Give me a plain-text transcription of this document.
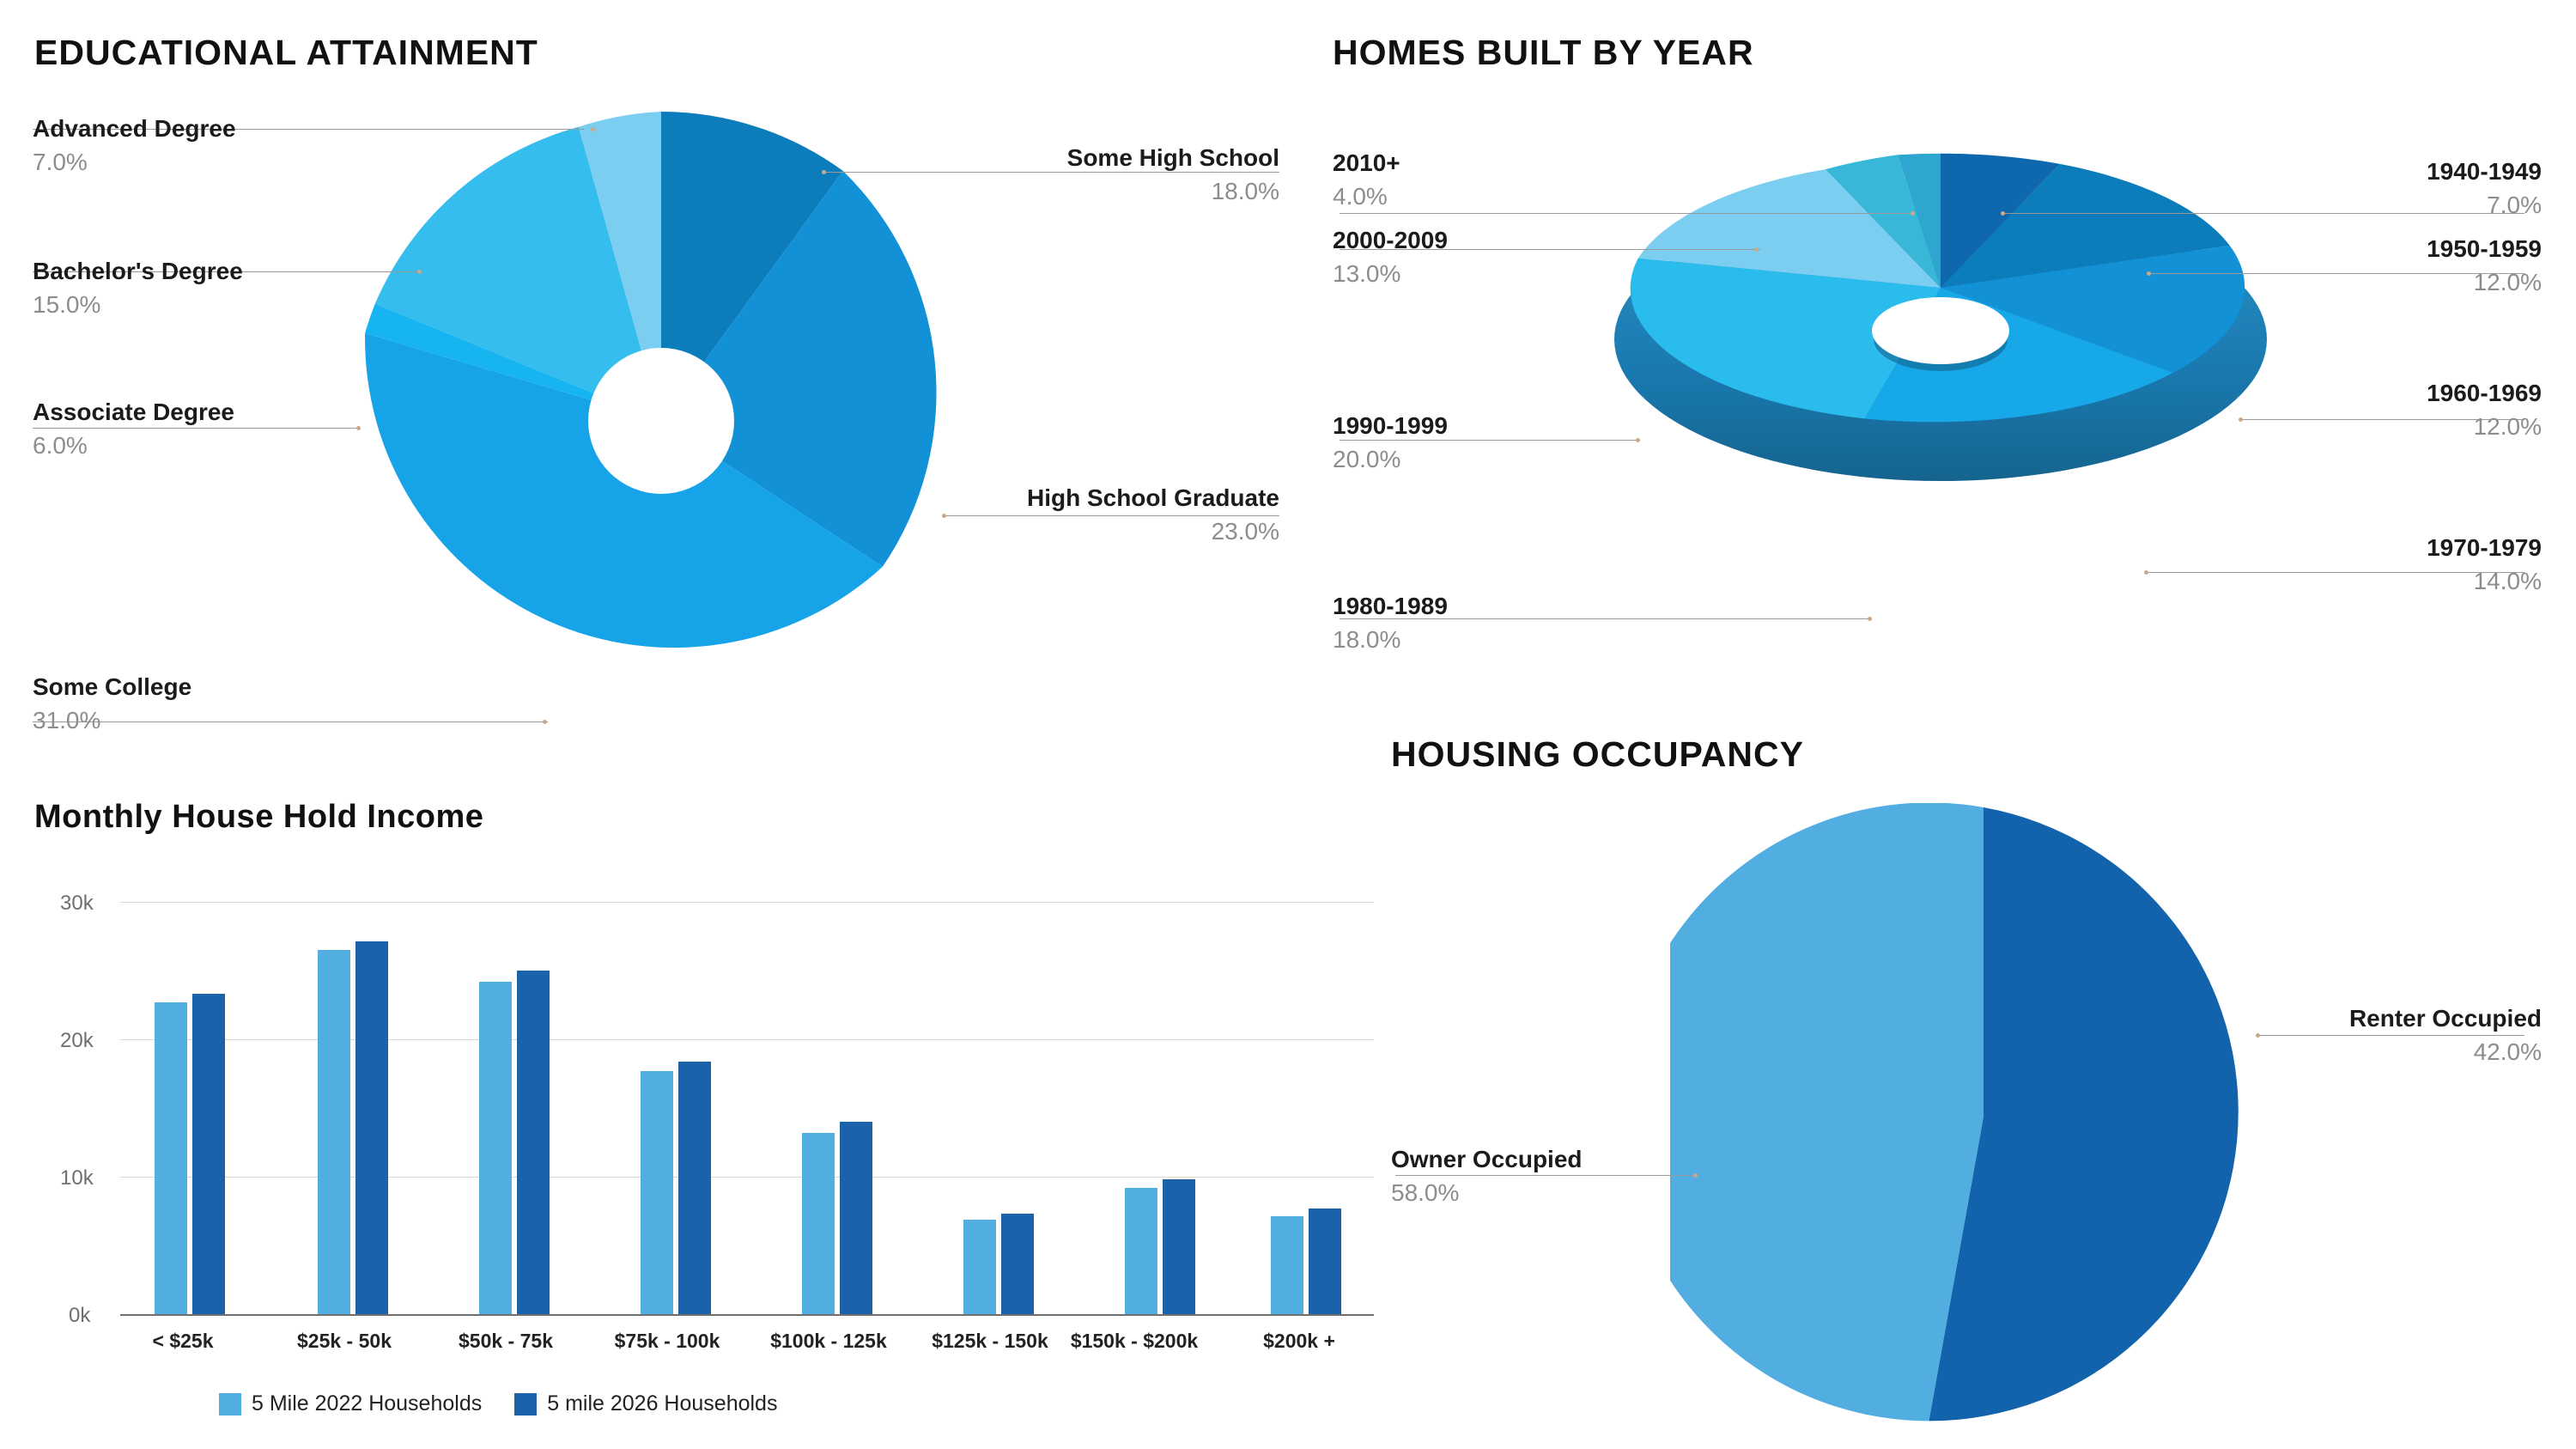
EDUCATIONAL ATTAINMENT
Advanced Degree
7.0%
Bachelor's Degree
15.0%
Associate Degree
6.0%
Some College
31.0%
Some High School
18.0%
High School Graduate
23.0%
HOMES BUILT BY YEAR
2010+
4.0%
2000-2009
13.0%
1990-1999
20.0%
1980-1989
18.0%
1940-1949
7.0%
1950-1959
12.0%
1960-1969
12.0%
1970-1979
14.0%
HOUSING OCCUPANCY
Renter Occupied
42.0%
Owner Occupied
58.0%
Monthly House Hold Income
30k
20k
10k
0k
< $25k	$25k - 50k	$50k - 75k	$75k - 100k	$100k - 125k	$125k - 150k	$150k - $200k	$200k +
5 Mile 2022 Households	5 mile 2026 Households
